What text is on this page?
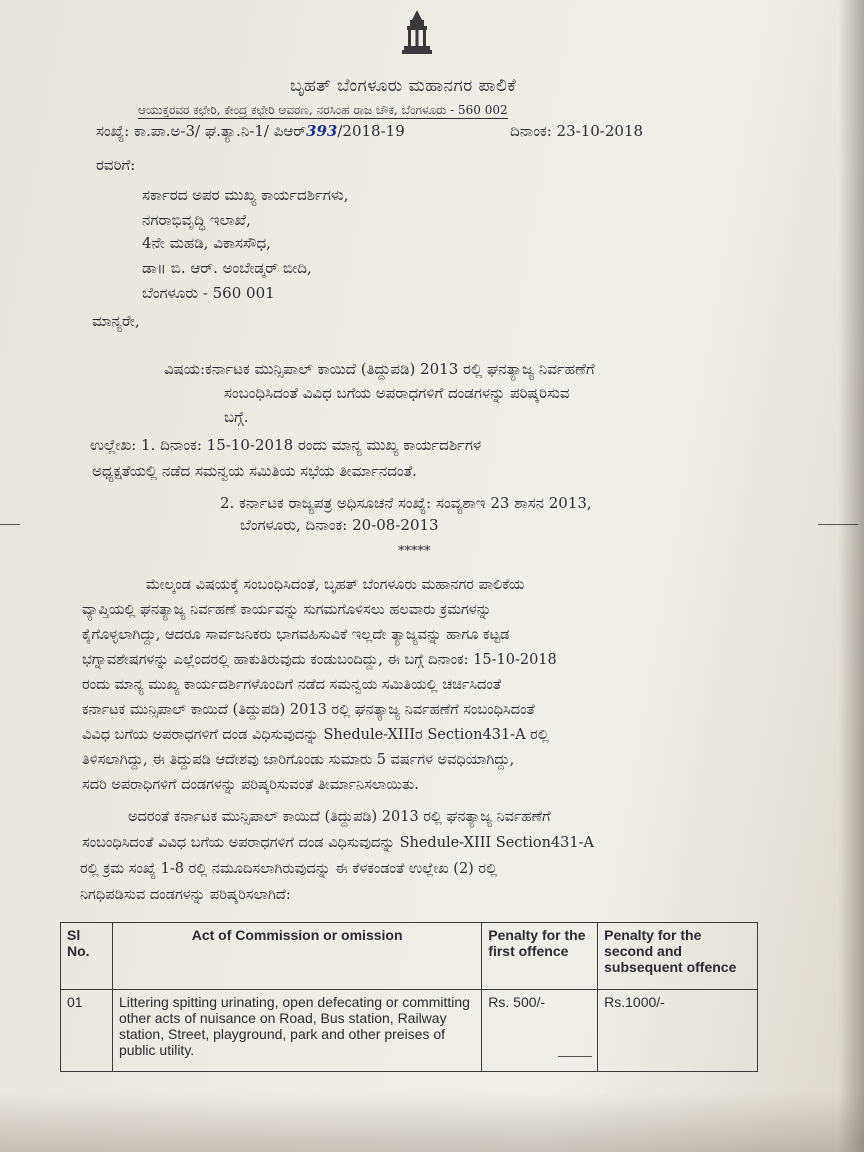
ಬೃಹತ್ ಬೆಂಗಳೂರು ಮಹಾನಗರ ಪಾಲಿಕೆ
ಆಯುಕ್ತರವರ ಕಛೇರಿ, ಕೇಂದ್ರ ಕಛೇರಿ ಆವರಣ, ನರಸಿಂಹ ರಾಜ ಚೌಕ, ಬೆಂಗಳೂರು - 560 002
ಸಂಖ್ಯೆ: ಕಾ.ಪಾ.ಅ-3/ ಘ.ತ್ಯಾ.ನಿ-1/ ಪಿಆರ್393/2018-19	ದಿನಾಂಕ: 23-10-2018
ರವರಿಗೆ:
ಸರ್ಕಾರದ ಅಪರ ಮುಖ್ಯ ಕಾರ್ಯದರ್ಶಿಗಳು,
ನಗರಾಭಿವೃದ್ಧಿ ಇಲಾಖೆ,
4ನೇ ಮಹಡಿ, ವಿಕಾಸಸೌಧ,
ಡಾ॥ ಬಿ. ಆರ್. ಅಂಬೇಡ್ಕರ್ ಬೀದಿ,
ಬೆಂಗಳೂರು - 560 001
ಮಾನ್ಯರೇ,
ವಿಷಯ:ಕರ್ನಾಟಕ ಮುನ್ಸಿಪಾಲ್ ಕಾಯಿದೆ (ತಿದ್ದುಪಡಿ) 2013 ರಲ್ಲಿ ಘನತ್ಯಾಜ್ಯ ನಿರ್ವಹಣೆಗೆ
ಸಂಬಂಧಿಸಿದಂತೆ ವಿವಿಧ ಬಗೆಯ ಅಪರಾಧಗಳಿಗೆ ದಂಡಗಳನ್ನು ಪರಿಷ್ಕರಿಸುವ
ಬಗ್ಗೆ.
ಉಲ್ಲೇಖ: 1. ದಿನಾಂಕ: 15-10-2018 ರಂದು ಮಾನ್ಯ ಮುಖ್ಯ ಕಾರ್ಯದರ್ಶಿಗಳ
ಅಧ್ಯಕ್ಷತೆಯಲ್ಲಿ ನಡೆದ ಸಮನ್ವಯ ಸಮಿತಿಯ ಸಭೆಯ ತೀರ್ಮಾನದಂತೆ.
2. ಕರ್ನಾಟಕ ರಾಜ್ಯಪತ್ರ ಅಧಿಸೂಚನೆ ಸಂಖ್ಯೆ: ಸಂವ್ಯಶಾಇ 23 ಶಾಸನ 2013,
ಬೆಂಗಳೂರು, ದಿನಾಂಕ: 20-08-2013
*****
ಮೇಲ್ಕಂಡ ವಿಷಯಕ್ಕೆ ಸಂಬಂಧಿಸಿದಂತೆ, ಬೃಹತ್ ಬೆಂಗಳೂರು ಮಹಾನಗರ ಪಾಲಿಕೆಯ
ವ್ಯಾಪ್ತಿಯಲ್ಲಿ ಘನತ್ಯಾಜ್ಯ ನಿರ್ವಹಣೆ ಕಾರ್ಯವನ್ನು ಸುಗಮಗೊಳಿಸಲು ಹಲವಾರು ಕ್ರಮಗಳನ್ನು
ಕೈಗೊಳ್ಳಲಾಗಿದ್ದು, ಆದರೂ ಸಾರ್ವಜನಿಕರು ಭಾಗವಹಿಸುವಿಕೆ ಇಲ್ಲದೇ ತ್ಯಾಜ್ಯವನ್ನು ಹಾಗೂ ಕಟ್ಟಡ
ಭಗ್ನಾವಶೇಷಗಳನ್ನು ಎಲ್ಲೆಂದರಲ್ಲಿ ಹಾಕುತಿರುವುದು ಕಂಡುಬಂದಿದ್ದು, ಈ ಬಗ್ಗೆ ದಿನಾಂಕ: 15-10-2018
ರಂದು ಮಾನ್ಯ ಮುಖ್ಯ ಕಾರ್ಯದರ್ಶಿಗಳೊಂದಿಗೆ ನಡೆದ ಸಮನ್ವಯ ಸಮಿತಿಯಲ್ಲಿ ಚರ್ಚಿಸಿದಂತೆ
ಕರ್ನಾಟಕ ಮುನ್ಸಿಪಾಲ್ ಕಾಯಿದೆ (ತಿದ್ದುಪಡಿ) 2013 ರಲ್ಲಿ ಘನತ್ಯಾಜ್ಯ ನಿರ್ವಹಣೆಗೆ ಸಂಬಂಧಿಸಿದಂತೆ
ವಿವಿಧ ಬಗೆಯ ಅಪರಾಧಗಳಿಗೆ ದಂಡ ವಿಧಿಸುವುದನ್ನು Shedule-XIIIರ Section431-A ರಲ್ಲಿ
ತಿಳಿಸಲಾಗಿದ್ದು, ಈ ತಿದ್ದುಪಡಿ ಆದೇಶವು ಜಾರಿಗೊಂಡು ಸುಮಾರು 5 ವರ್ಷಗಳ ಅವಧಿಯಾಗಿದ್ದು,
ಸದರಿ ಅಪರಾಧಿಗಳಿಗೆ ದಂಡಗಳನ್ನು ಪರಿಷ್ಕರಿಸುವಂತೆ ತೀರ್ಮಾನಿಸಲಾಯಿತು.
ಅದರಂತೆ ಕರ್ನಾಟಕ ಮುನ್ಸಿಪಾಲ್ ಕಾಯಿದೆ (ತಿದ್ದುಪಡಿ) 2013 ರಲ್ಲಿ ಘನತ್ಯಾಜ್ಯ ನಿರ್ವಹಣೆಗೆ
ಸಂಬಂಧಿಸಿದಂತೆ ವಿವಿಧ ಬಗೆಯ ಅಪರಾಧಗಳಿಗೆ ದಂಡ ವಿಧಿಸುವುದನ್ನು Shedule-XIII Section431-A
ರಲ್ಲಿ ಕ್ರಮ ಸಂಖ್ಯೆ 1-8 ರಲ್ಲಿ ನಮೂದಿಸಲಾಗಿರುವುದನ್ನು ಈ ಕೆಳಕಂಡಂತೆ ಉಲ್ಲೇಖ (2) ರಲ್ಲಿ
ನಿಗಧಿಪಡಿಸುವ ದಂಡಗಳನ್ನು ಪರಿಷ್ಕರಿಸಲಾಗಿದೆ:
Sl No.	Act of Commission or omission	Penalty for the first offence	Penalty for the second and subsequent offence
01	Littering spitting urinating, open defecating or committing other acts of nuisance on Road, Bus station, Railway station, Street, playground, park and other preises of public utility.	Rs. 500/-	Rs.1000/-
